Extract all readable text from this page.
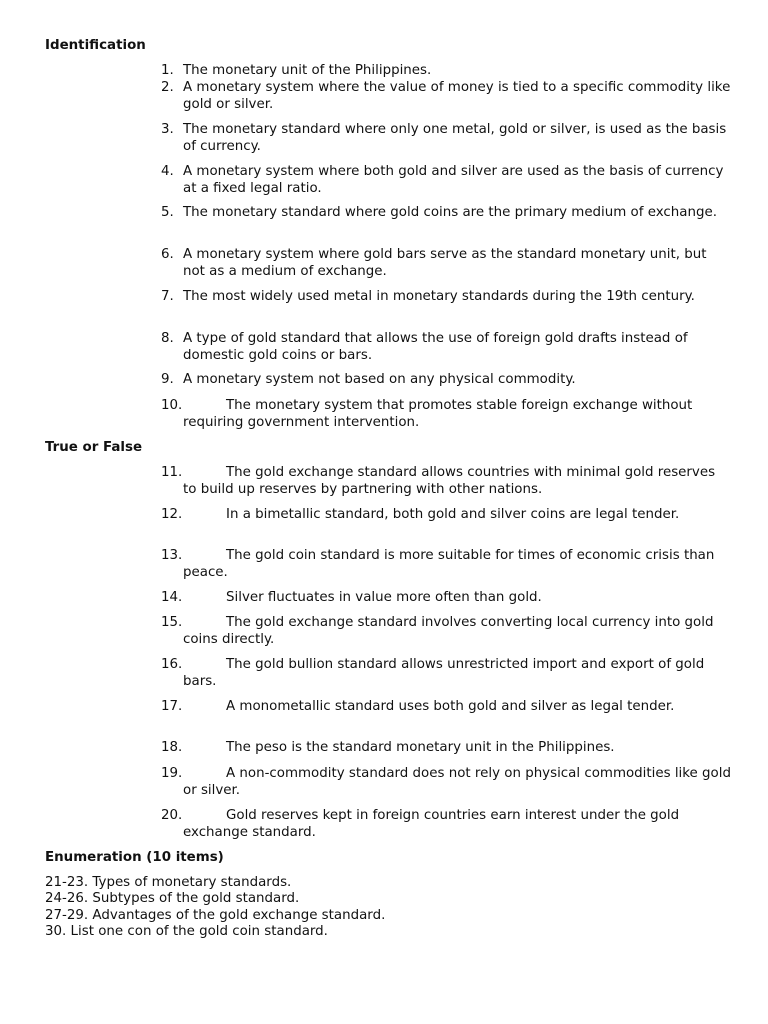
Identification
1. The monetary unit of the Philippines.
2. A monetary system where the value of money is tied to a specific commodity like gold or silver.
3. The monetary standard where only one metal, gold or silver, is used as the basis of currency.
4. A monetary system where both gold and silver are used as the basis of currency at a fixed legal ratio.
5. The monetary standard where gold coins are the primary medium of exchange.
6. A monetary system where gold bars serve as the standard monetary unit, but not as a medium of exchange.
7. The most widely used metal in monetary standards during the 19th century.
8. A type of gold standard that allows the use of foreign gold drafts instead of domestic gold coins or bars.
9. A monetary system not based on any physical commodity.
10.	The monetary system that promotes stable foreign exchange without requiring government intervention.
True or False
11.	The gold exchange standard allows countries with minimal gold reserves to build up reserves by partnering with other nations.
12.	In a bimetallic standard, both gold and silver coins are legal tender.
13.	The gold coin standard is more suitable for times of economic crisis than peace.
14.	Silver fluctuates in value more often than gold.
15.	The gold exchange standard involves converting local currency into gold coins directly.
16.	The gold bullion standard allows unrestricted import and export of gold bars.
17.	A monometallic standard uses both gold and silver as legal tender.
18.	The peso is the standard monetary unit in the Philippines.
19.	A non-commodity standard does not rely on physical commodities like gold or silver.
20.	Gold reserves kept in foreign countries earn interest under the gold exchange standard.
Enumeration (10 items)
21-23. Types of monetary standards.
24-26. Subtypes of the gold standard.
27-29. Advantages of the gold exchange standard.
30. List one con of the gold coin standard.
